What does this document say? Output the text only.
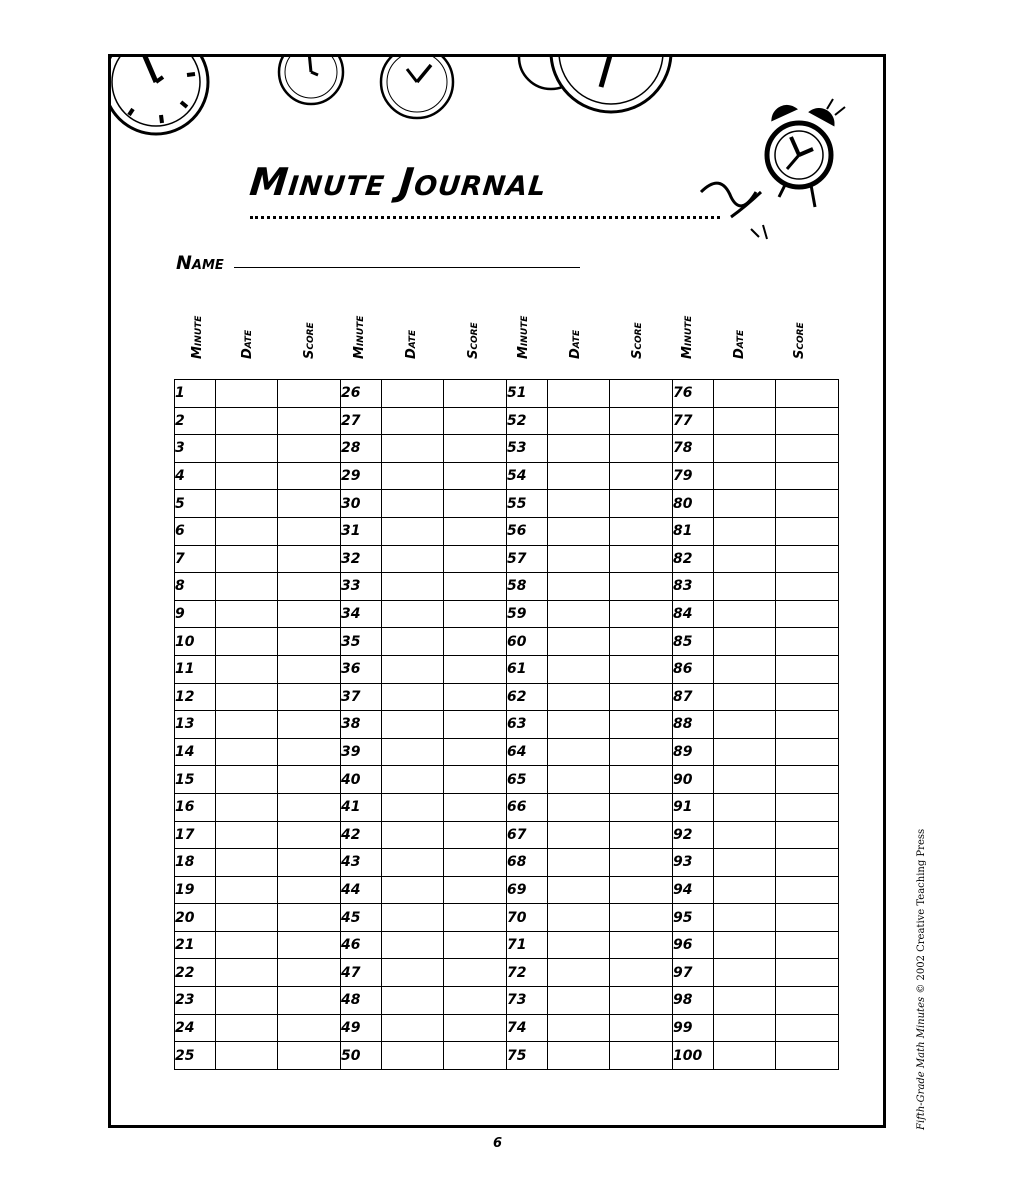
Minute Journal
Name
Minute	Date	Score	Minute	Date	Score	Minute	Date	Score	Minute	Date	Score
1			26			51			76		
2			27			52			77		
3			28			53			78		
4			29			54			79		
5			30			55			80		
6			31			56			81		
7			32			57			82		
8			33			58			83		
9			34			59			84		
10			35			60			85		
11			36			61			86		
12			37			62			87		
13			38			63			88		
14			39			64			89		
15			40			65			90		
16			41			66			91		
17			42			67			92		
18			43			68			93		
19			44			69			94		
20			45			70			95		
21			46			71			96		
22			47			72			97		
23			48			73			98		
24			49			74			99		
25			50			75			100		
6
Fifth-Grade Math Minutes © 2002 Creative Teaching Press
